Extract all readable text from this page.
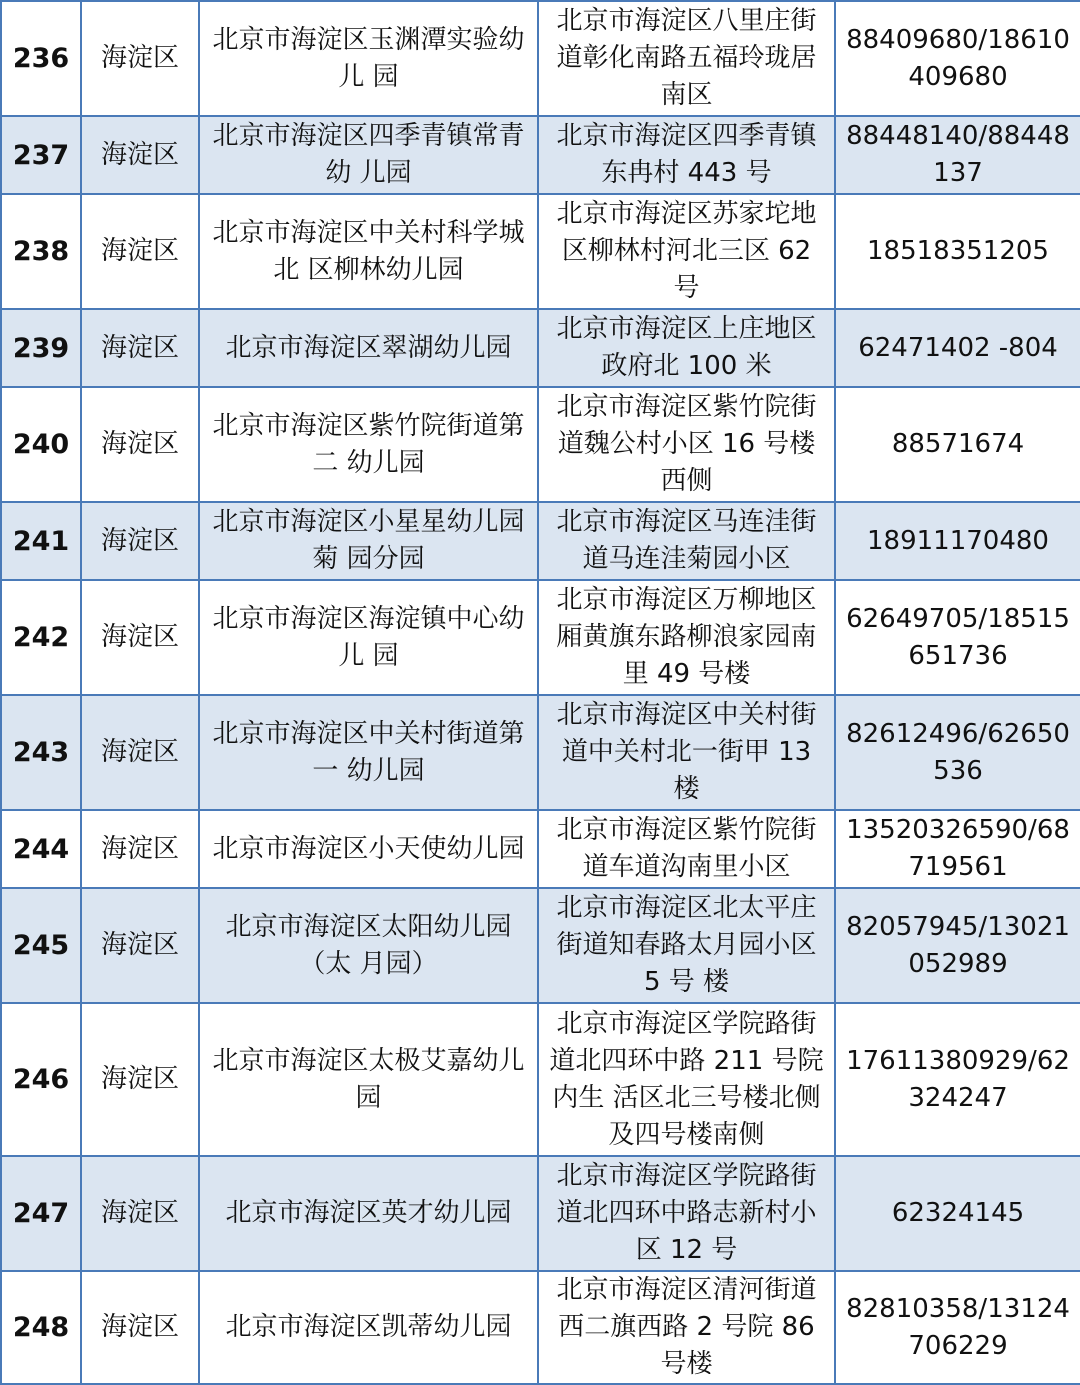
236	海淀区	北京市海淀区玉渊潭实验幼儿 园	北京市海淀区八里庄街道彰化南路五福玲珑居南区	88409680/18610409680
237	海淀区	北京市海淀区四季青镇常青幼 儿园	北京市海淀区四季青镇东冉村 443 号	88448140/88448137
238	海淀区	北京市海淀区中关村科学城北 区柳林幼儿园	北京市海淀区苏家坨地区柳林村河北三区 62 号	18518351205
239	海淀区	北京市海淀区翠湖幼儿园	北京市海淀区上庄地区政府北 100 米	62471402 -804
240	海淀区	北京市海淀区紫竹院街道第二 幼儿园	北京市海淀区紫竹院街道魏公村小区 16 号楼西侧	88571674
241	海淀区	北京市海淀区小星星幼儿园菊 园分园	北京市海淀区马连洼街道马连洼菊园小区	18911170480
242	海淀区	北京市海淀区海淀镇中心幼儿 园	北京市海淀区万柳地区厢黄旗东路柳浪家园南里 49 号楼	62649705/18515651736
243	海淀区	北京市海淀区中关村街道第一 幼儿园	北京市海淀区中关村街道中关村北一街甲 13 楼	82612496/62650536
244	海淀区	北京市海淀区小天使幼儿园	北京市海淀区紫竹院街道车道沟南里小区	13520326590/68719561
245	海淀区	北京市海淀区太阳幼儿园（太 月园）	北京市海淀区北太平庄街道知春路太月园小区 5 号 楼	82057945/13021052989
246	海淀区	北京市海淀区太极艾嘉幼儿园	北京市海淀区学院路街道北四环中路 211 号院内生 活区北三号楼北侧及四号楼南侧	17611380929/62324247
247	海淀区	北京市海淀区英才幼儿园	北京市海淀区学院路街道北四环中路志新村小区 12 号	62324145
248	海淀区	北京市海淀区凯蒂幼儿园	北京市海淀区清河街道西二旗西路 2 号院 86 号楼	82810358/13124706229
